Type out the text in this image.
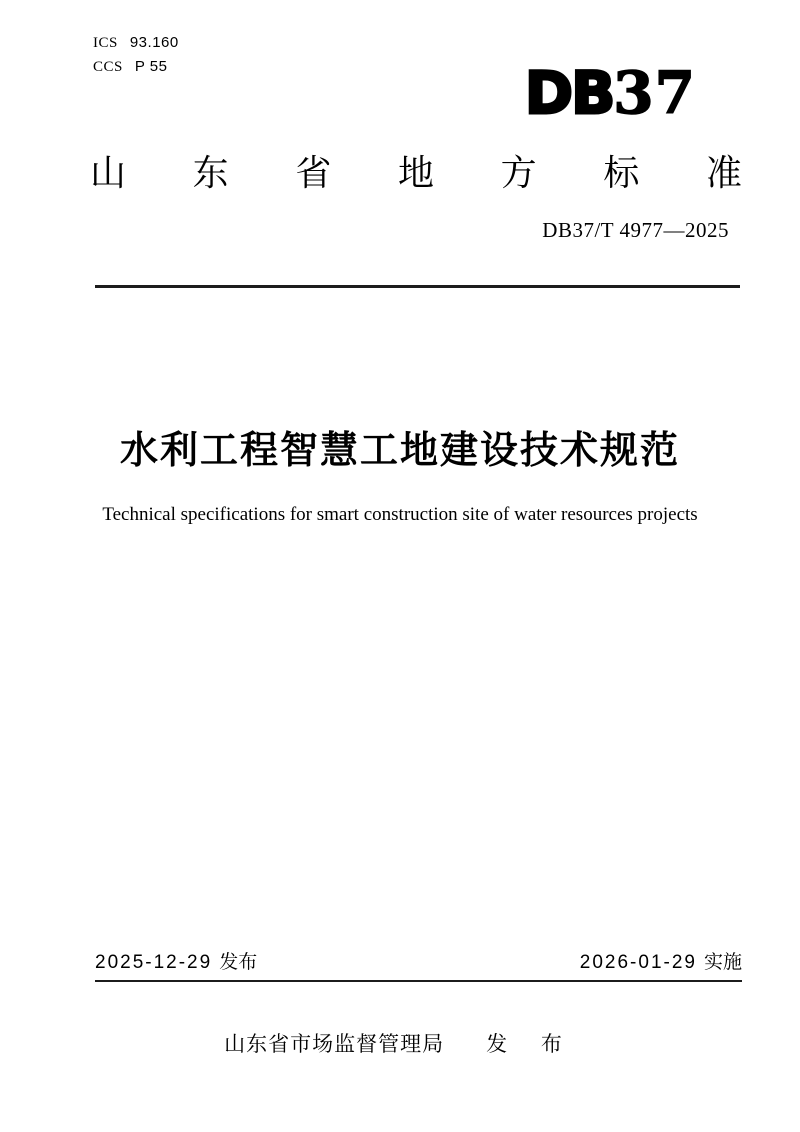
ICS 93.160
CCS P 55	DB37
山东省地方标准
DB37/T 4977—2025
水利工程智慧工地建设技术规范
Technical specifications for smart construction site of water resources projects
2025-12-29 发布	2026-01-29 实施
山东省市场监督管理局 发 布
